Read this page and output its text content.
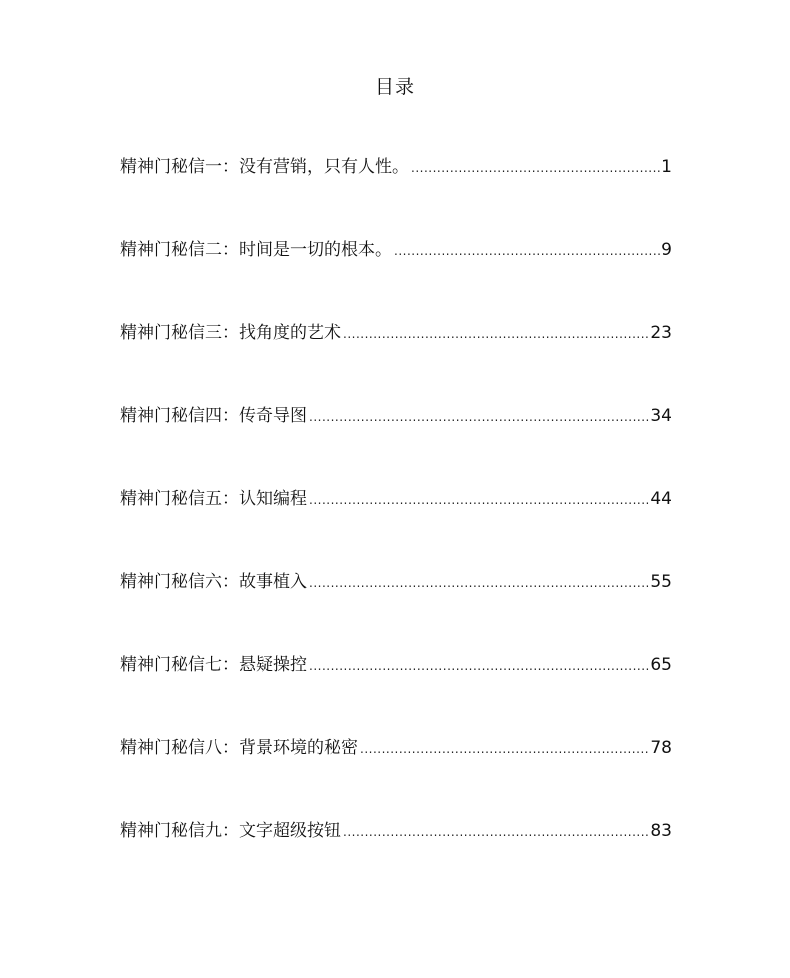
目录
精神门秘信一： 没有营销，只有人性。 .....	1
精神门秘信二： 时间是一切的根本。 .....	9
精神门秘信三： 找角度的艺术 .....	23
精神门秘信四： 传奇导图 .....	34
精神门秘信五： 认知编程 .....	44
精神门秘信六： 故事植入 .....	55
精神门秘信七： 悬疑操控 .....	65
精神门秘信八： 背景环境的秘密 .....	78
精神门秘信九： 文字超级按钮 .....	83
